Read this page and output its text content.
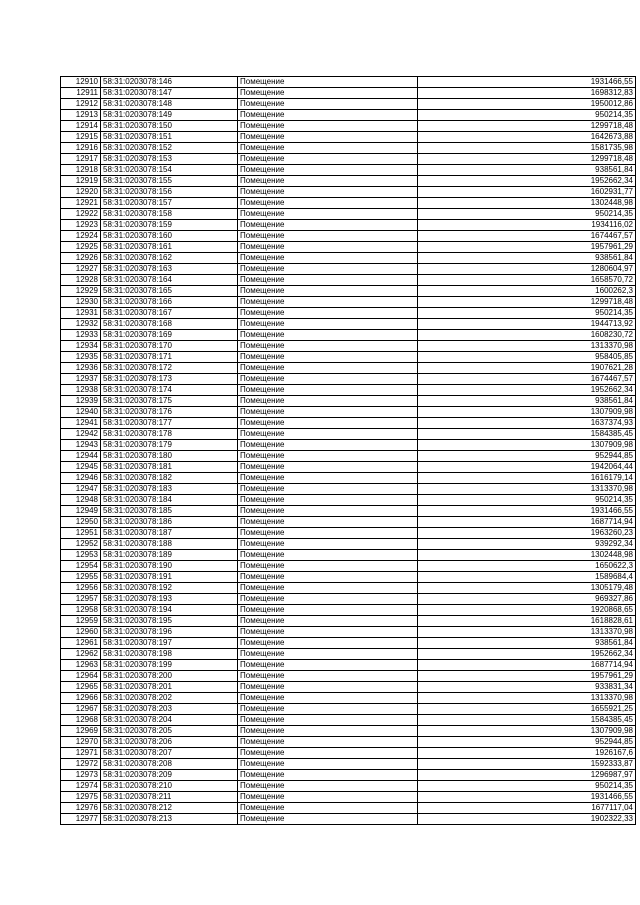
12910	58:31:0203078:146	Помещение	1931466,55
12911	58:31:0203078:147	Помещение	1698312,83
12912	58:31:0203078:148	Помещение	1950012,86
12913	58:31:0203078:149	Помещение	950214,35
12914	58:31:0203078:150	Помещение	1299718,48
12915	58:31:0203078:151	Помещение	1642673,88
12916	58:31:0203078:152	Помещение	1581735,98
12917	58:31:0203078:153	Помещение	1299718,48
12918	58:31:0203078:154	Помещение	938561,84
12919	58:31:0203078:155	Помещение	1952662,34
12920	58:31:0203078:156	Помещение	1602931,77
12921	58:31:0203078:157	Помещение	1302448,98
12922	58:31:0203078:158	Помещение	950214,35
12923	58:31:0203078:159	Помещение	1934116,02
12924	58:31:0203078:160	Помещение	1674467,57
12925	58:31:0203078:161	Помещение	1957961,29
12926	58:31:0203078:162	Помещение	938561,84
12927	58:31:0203078:163	Помещение	1280604,97
12928	58:31:0203078:164	Помещение	1658570,72
12929	58:31:0203078:165	Помещение	1600262,3
12930	58:31:0203078:166	Помещение	1299718,48
12931	58:31:0203078:167	Помещение	950214,35
12932	58:31:0203078:168	Помещение	1944713,92
12933	58:31:0203078:169	Помещение	1608230,72
12934	58:31:0203078:170	Помещение	1313370,98
12935	58:31:0203078:171	Помещение	958405,85
12936	58:31:0203078:172	Помещение	1907621,28
12937	58:31:0203078:173	Помещение	1674467,57
12938	58:31:0203078:174	Помещение	1952662,34
12939	58:31:0203078:175	Помещение	938561,84
12940	58:31:0203078:176	Помещение	1307909,98
12941	58:31:0203078:177	Помещение	1637374,93
12942	58:31:0203078:178	Помещение	1584385,45
12943	58:31:0203078:179	Помещение	1307909,98
12944	58:31:0203078:180	Помещение	952944,85
12945	58:31:0203078:181	Помещение	1942064,44
12946	58:31:0203078:182	Помещение	1616179,14
12947	58:31:0203078:183	Помещение	1313370,98
12948	58:31:0203078:184	Помещение	950214,35
12949	58:31:0203078:185	Помещение	1931466,55
12950	58:31:0203078:186	Помещение	1687714,94
12951	58:31:0203078:187	Помещение	1963260,23
12952	58:31:0203078:188	Помещение	939292,34
12953	58:31:0203078:189	Помещение	1302448,98
12954	58:31:0203078:190	Помещение	1650622,3
12955	58:31:0203078:191	Помещение	1589684,4
12956	58:31:0203078:192	Помещение	1305179,48
12957	58:31:0203078:193	Помещение	969327,86
12958	58:31:0203078:194	Помещение	1920868,65
12959	58:31:0203078:195	Помещение	1618828,61
12960	58:31:0203078:196	Помещение	1313370,98
12961	58:31:0203078:197	Помещение	938561,84
12962	58:31:0203078:198	Помещение	1952662,34
12963	58:31:0203078:199	Помещение	1687714,94
12964	58:31:0203078:200	Помещение	1957961,29
12965	58:31:0203078:201	Помещение	933831,34
12966	58:31:0203078:202	Помещение	1313370,98
12967	58:31:0203078:203	Помещение	1655921,25
12968	58:31:0203078:204	Помещение	1584385,45
12969	58:31:0203078:205	Помещение	1307909,98
12970	58:31:0203078:206	Помещение	952944,85
12971	58:31:0203078:207	Помещение	1926167,6
12972	58:31:0203078:208	Помещение	1592333,87
12973	58:31:0203078:209	Помещение	1296987,97
12974	58:31:0203078:210	Помещение	950214,35
12975	58:31:0203078:211	Помещение	1931466,55
12976	58:31:0203078:212	Помещение	1677117,04
12977	58:31:0203078:213	Помещение	1902322,33
